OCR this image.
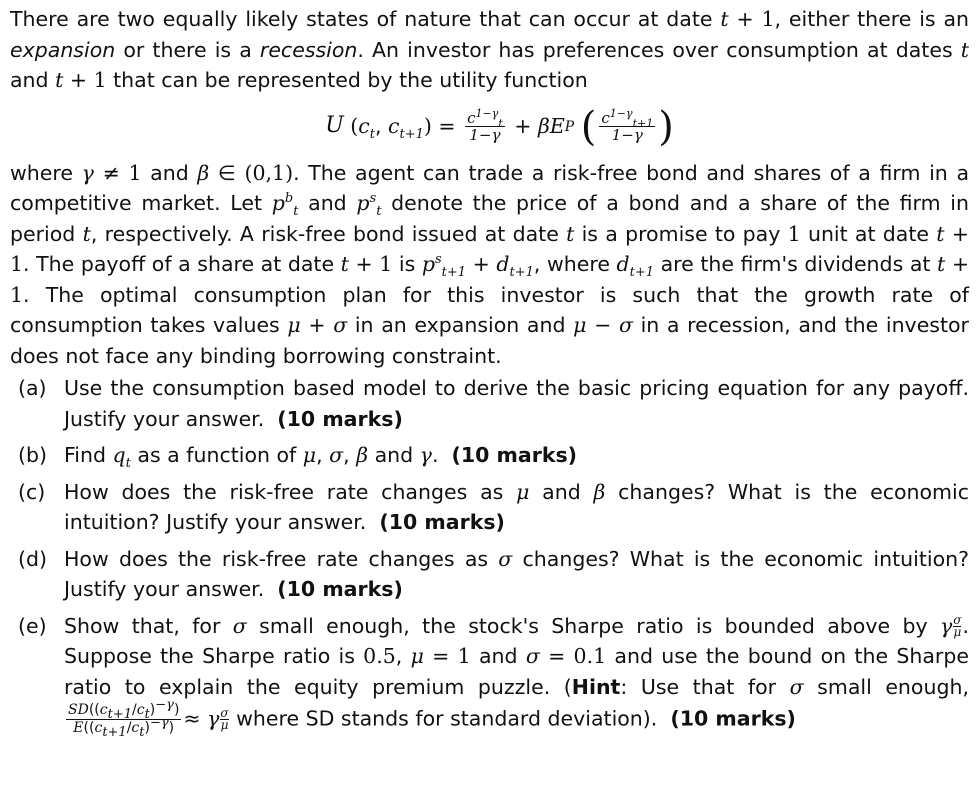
There are two equally likely states of nature that can occur at date t + 1, either there is an expansion or there is a recession. An investor has preferences over consumption at dates t and t + 1 that can be represented by the utility function

U
( $c_t$ , $c_{t+1}$ ) = $\frac{c^{1-\gamma}_t}{1-\gamma} + \beta E$ P
( $\frac{c^{1-\gamma}_{t+1}}{1-\gamma}$ )

where γ ≠ 1 and β ∈ (0,1). The agent can trade a risk-free bond and shares of a firm in a competitive market. Let $p^b_t$ and $p^s_t$ denote the price of a bond and a share of the firm in period t, respectively. A risk-free bond issued at date t is a promise to pay 1 unit at date t + 1. The payoff of a share at date t + 1 is $p^s_{t+1} + d_{t+1}$, where $d_{t+1}$ are the firm's dividends at t + 1. The optimal consumption plan for this investor is such that the growth rate of consumption takes values μ + σ in an expansion and μ − σ in a recession, and the investor does not face any binding borrowing constraint.

(a) Use the consumption based model to derive the basic pricing equation for any payoff. Justify your answer.  (10 marks)
(b) Find $q_t$ as a function of μ, σ, β and γ.  (10 marks)
(c) How does the risk-free rate changes as μ and β changes? What is the economic intuition? Justify your answer.  (10 marks)
(d) How does the risk-free rate changes as σ changes? What is the economic intuition? Justify your answer.  (10 marks)
(e) Show that, for σ small enough, the stock's Sharpe ratio is bounded above by γ $\frac{\sigma}{\mu}$ . Suppose the Sharpe ratio is 0.5, μ = 1 and σ = 0.1 and use the bound on the Sharpe ratio to explain the equity premium puzzle. (Hint: Use that for σ small enough,
$\frac{SD((c_{t+1}/c_t)^{-\gamma})}{E((c_{t+1}/c_t)^{-\gamma})} \approx \gamma \frac{\sigma}{\mu}$ where SD stands for standard deviation).  (10 marks)
